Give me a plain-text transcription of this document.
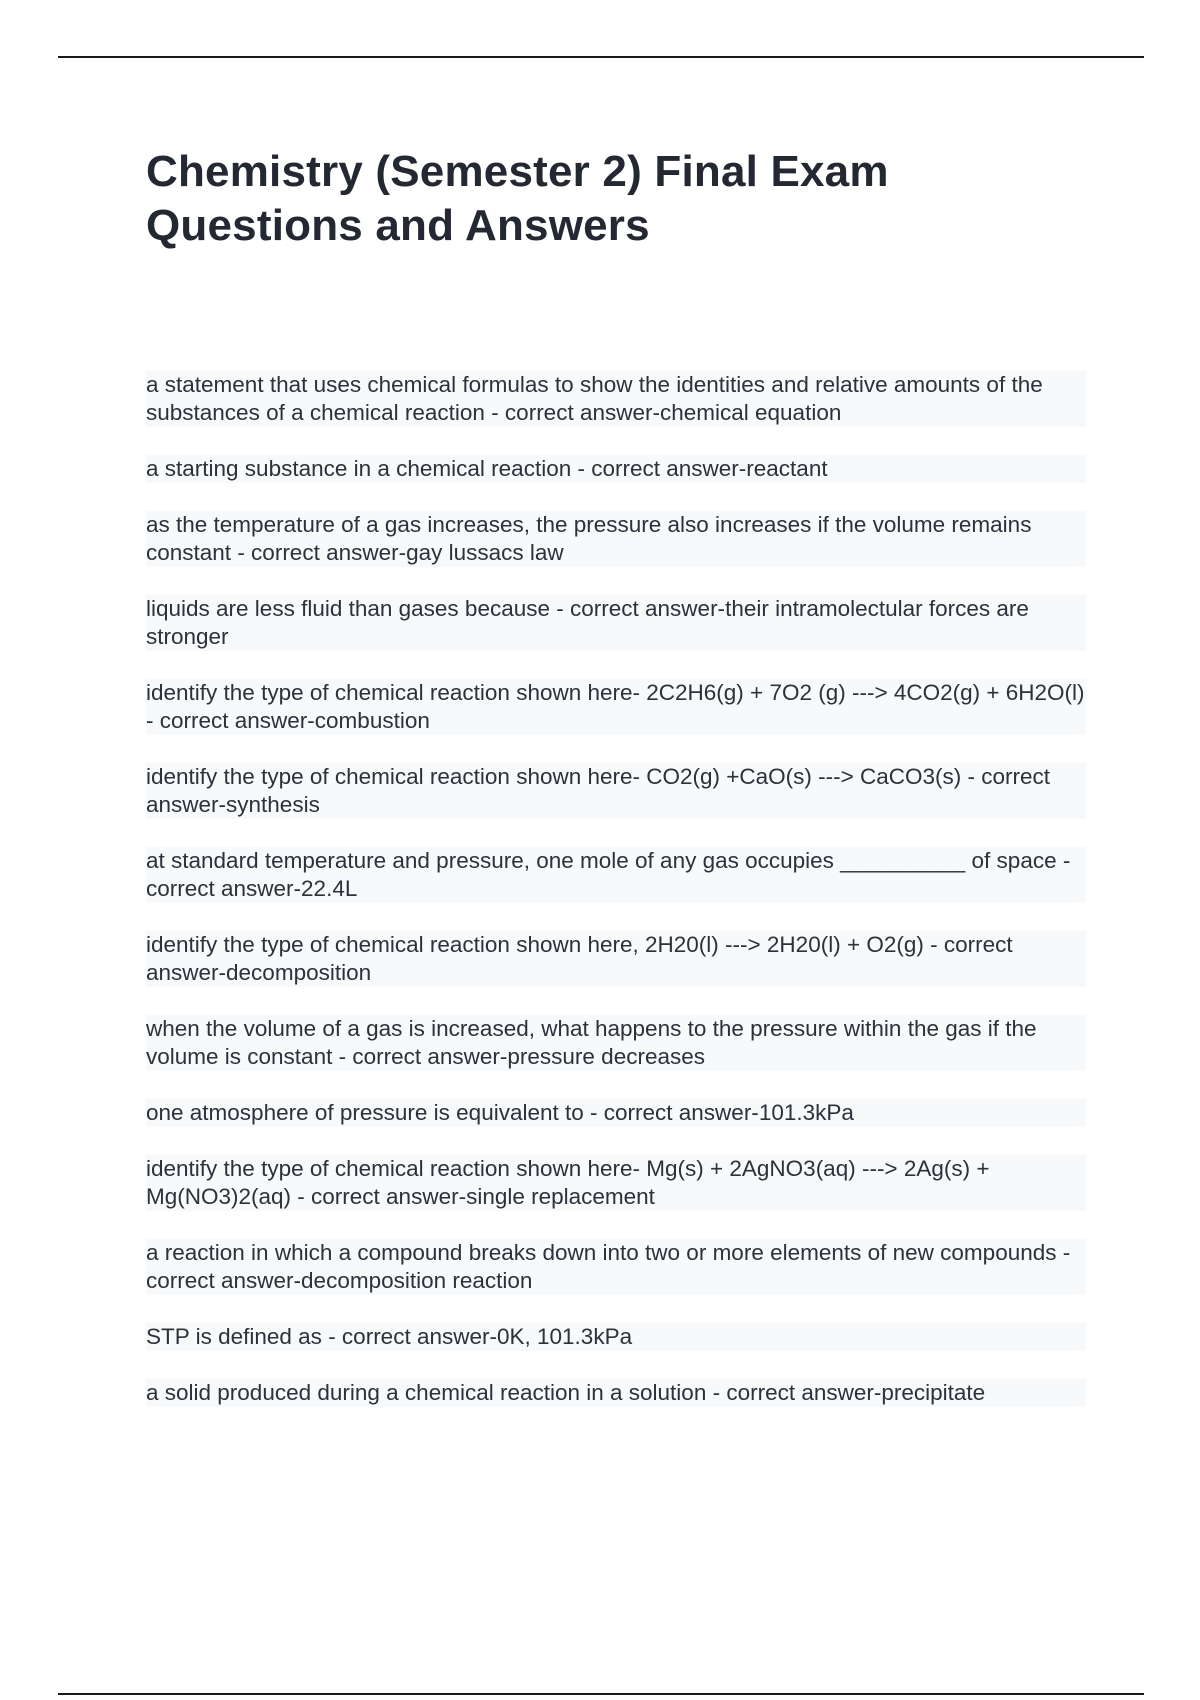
Chemistry (Semester 2) Final Exam Questions and Answers

a statement that uses chemical formulas to show the identities and relative amounts of the substances of a chemical reaction - correct answer-chemical equation

a starting substance in a chemical reaction - correct answer-reactant

as the temperature of a gas increases, the pressure also increases if the volume remains constant - correct answer-gay lussacs law

liquids are less fluid than gases because - correct answer-their intramolectular forces are stronger

identify the type of chemical reaction shown here- 2C2H6(g) + 7O2 (g) ---> 4CO2(g) + 6H2O(l) - correct answer-combustion

identify the type of chemical reaction shown here- CO2(g) +CaO(s) ---> CaCO3(s) - correct answer-synthesis

at standard temperature and pressure, one mole of any gas occupies __________ of space - correct answer-22.4L

identify the type of chemical reaction shown here, 2H20(l) ---> 2H20(l) + O2(g) - correct answer-decomposition

when the volume of a gas is increased, what happens to the pressure within the gas if the volume is constant - correct answer-pressure decreases

one atmosphere of pressure is equivalent to - correct answer-101.3kPa

identify the type of chemical reaction shown here- Mg(s) + 2AgNO3(aq) ---> 2Ag(s) + Mg(NO3)2(aq) - correct answer-single replacement

a reaction in which a compound breaks down into two or more elements of new compounds - correct answer-decomposition reaction

STP is defined as - correct answer-0K, 101.3kPa

a solid produced during a chemical reaction in a solution - correct answer-precipitate
